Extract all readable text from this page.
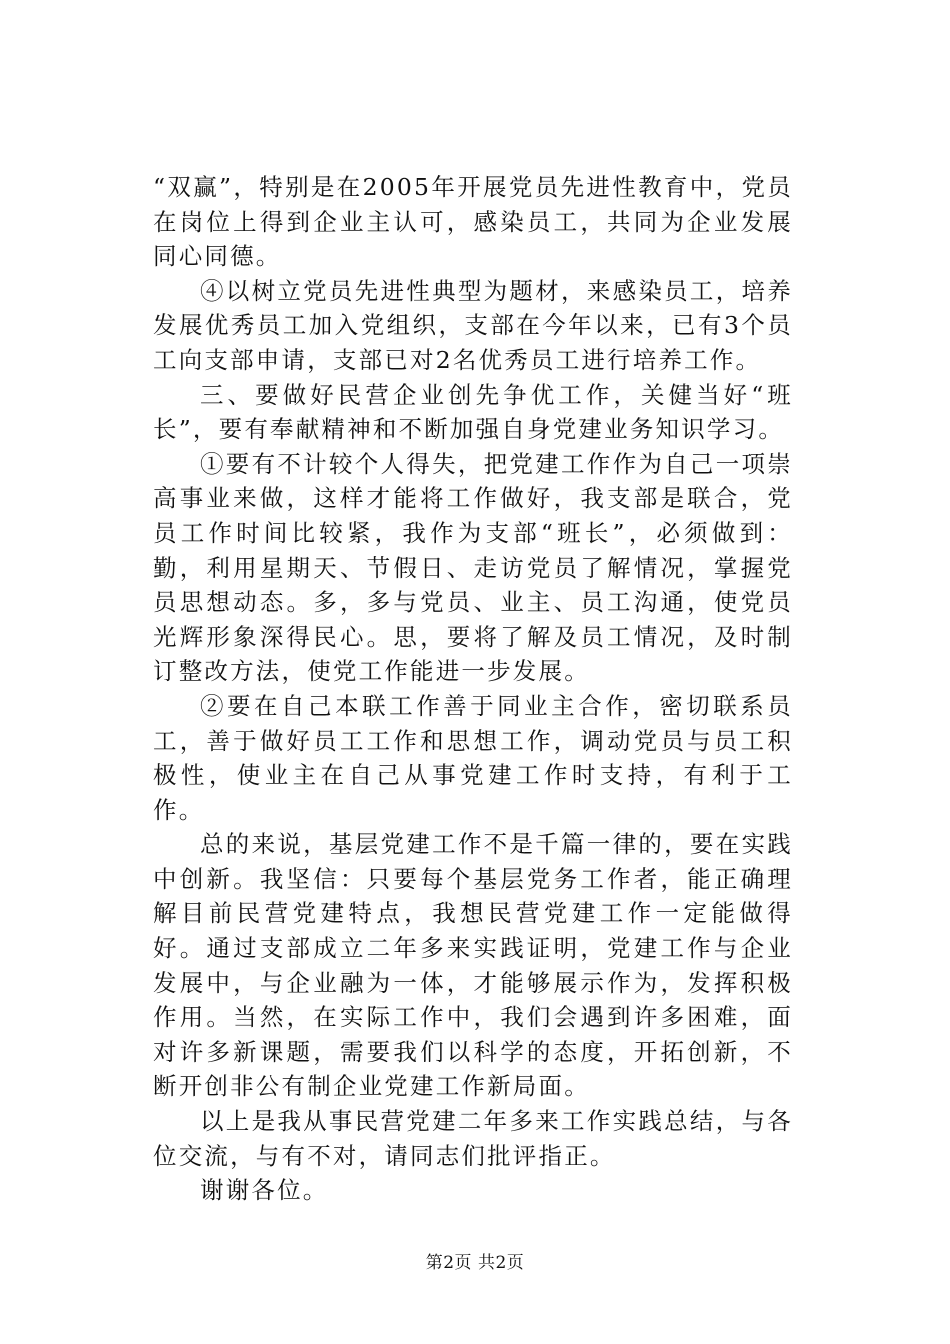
“双赢”，特别是在2005年开展党员先进性教育中，党员在岗位上得到企业主认可，感染员工，共同为企业发展同心同德。

④以树立党员先进性典型为题材，来感染员工，培养发展优秀员工加入党组织，支部在今年以来，已有3个员工向支部申请，支部已对2名优秀员工进行培养工作。

三、要做好民营企业创先争优工作，关健当好“班长”，要有奉献精神和不断加强自身党建业务知识学习。

①要有不计较个人得失，把党建工作作为自己一项崇高事业来做，这样才能将工作做好，我支部是联合，党员工作时间比较紧，我作为支部“班长”，必须做到：勤，利用星期天、节假日、走访党员了解情况，掌握党员思想动态。多，多与党员、业主、员工沟通，使党员光辉形象深得民心。思，要将了解及员工情况，及时制订整改方法，使党工作能进一步发展。

②要在自己本联工作善于同业主合作，密切联系员工，善于做好员工工作和思想工作，调动党员与员工积极性，使业主在自己从事党建工作时支持，有利于工作。

总的来说，基层党建工作不是千篇一律的，要在实践中创新。我坚信：只要每个基层党务工作者，能正确理解目前民营党建特点，我想民营党建工作一定能做得好。通过支部成立二年多来实践证明，党建工作与企业发展中，与企业融为一体，才能够展示作为，发挥积极作用。当然，在实际工作中，我们会遇到许多困难，面对许多新课题，需要我们以科学的态度，开拓创新，不断开创非公有制企业党建工作新局面。

以上是我从事民营党建二年多来工作实践总结，与各位交流，与有不对，请同志们批评指正。

谢谢各位。

第2页 共2页
